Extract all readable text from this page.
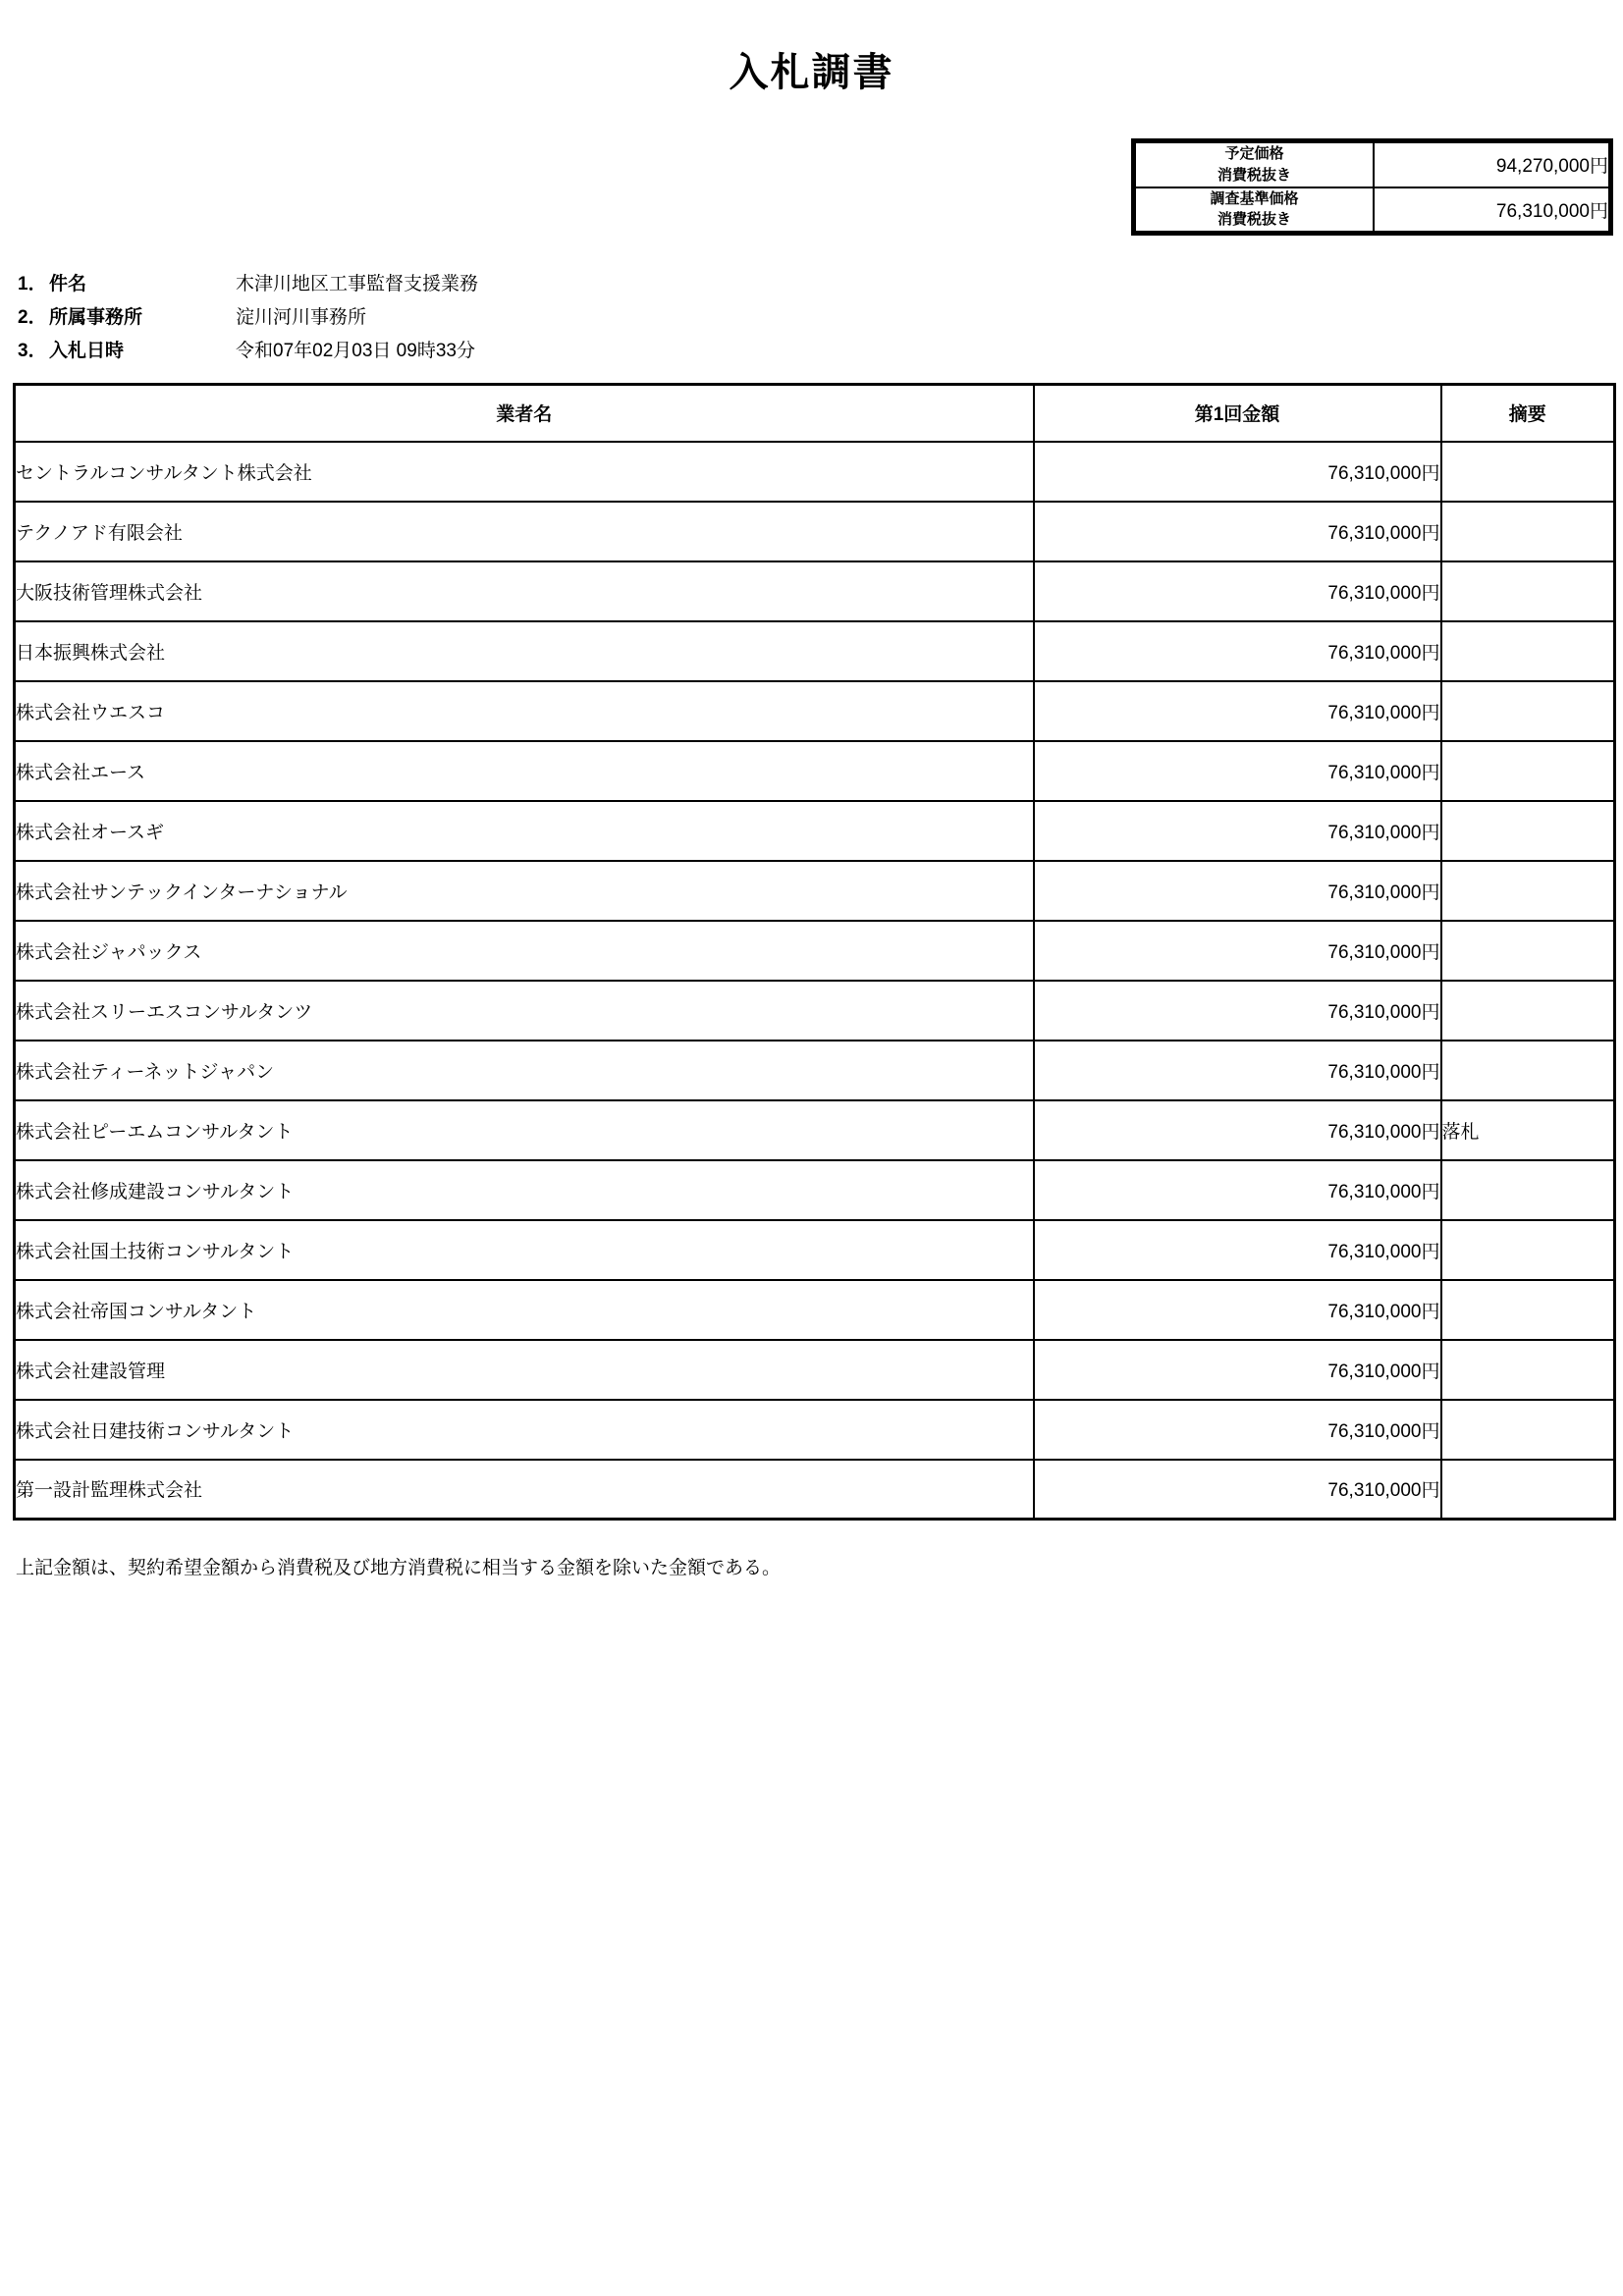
入札調書
予定価格
消費税抜き	94,270,000円
調査基準価格
消費税抜き	76,310,000円
1． 件名	木津川地区工事監督支援業務
2． 所属事務所	淀川河川事務所
3． 入札日時	令和07年02月03日 09時33分
業者名	第1回金額	摘要
セントラルコンサルタント株式会社	76,310,000円	
テクノアド有限会社	76,310,000円	
大阪技術管理株式会社	76,310,000円	
日本振興株式会社	76,310,000円	
株式会社ウエスコ	76,310,000円	
株式会社エース	76,310,000円	
株式会社オースギ	76,310,000円	
株式会社サンテックインターナショナル	76,310,000円	
株式会社ジャパックス	76,310,000円	
株式会社スリーエスコンサルタンツ	76,310,000円	
株式会社ティーネットジャパン	76,310,000円	
株式会社ピーエムコンサルタント	76,310,000円	落札
株式会社修成建設コンサルタント	76,310,000円	
株式会社国土技術コンサルタント	76,310,000円	
株式会社帝国コンサルタント	76,310,000円	
株式会社建設管理	76,310,000円	
株式会社日建技術コンサルタント	76,310,000円	
第一設計監理株式会社	76,310,000円	
上記金額は、契約希望金額から消費税及び地方消費税に相当する金額を除いた金額である。
